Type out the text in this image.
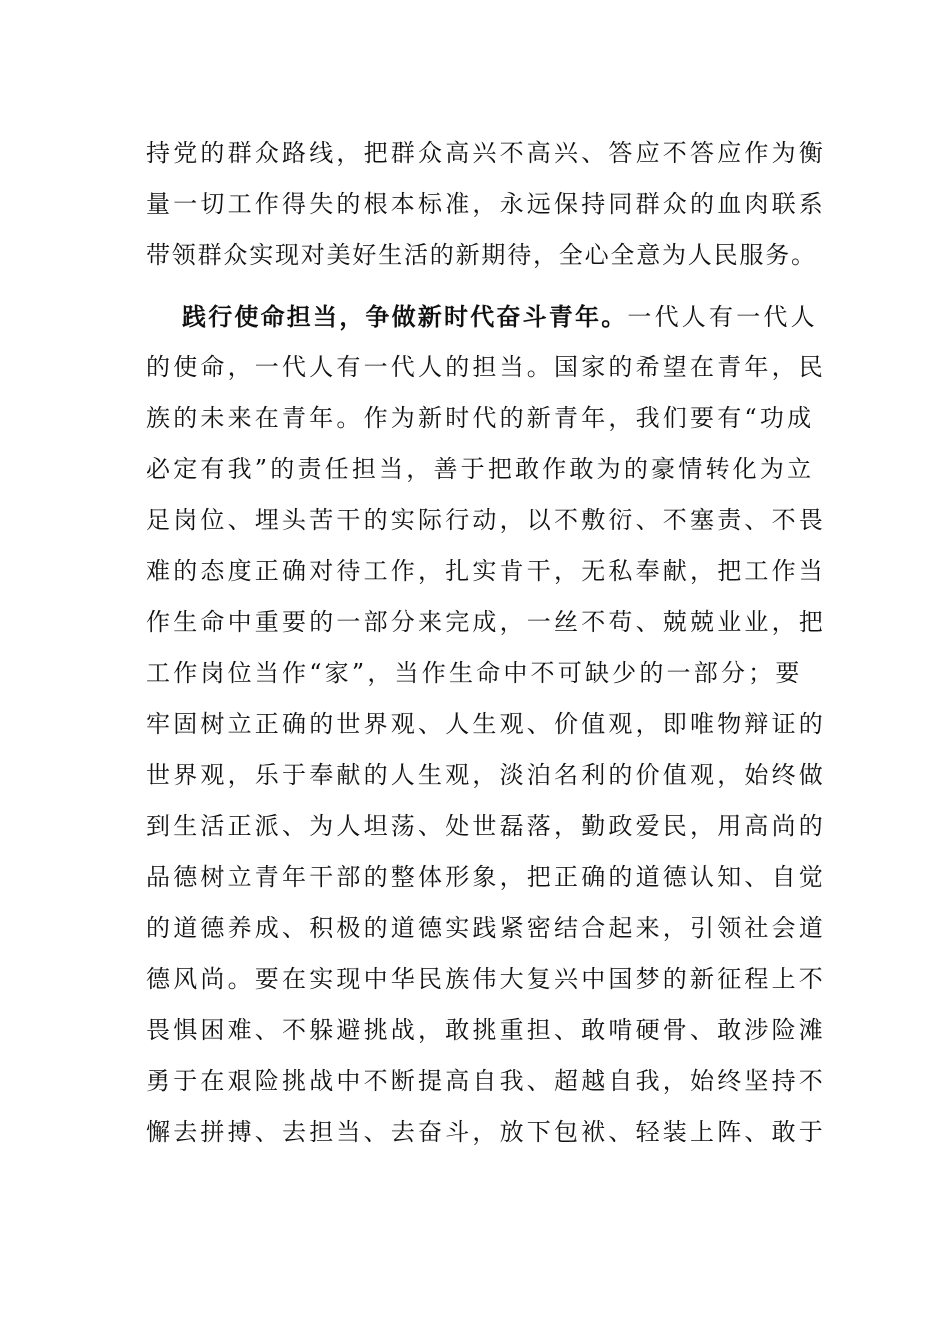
持党的群众路线，把群众高兴不高兴、答应不答应作为衡
量一切工作得失的根本标准，永远保持同群众的血肉联系
带领群众实现对美好生活的新期待，全心全意为人民服务。
践行使命担当，争做新时代奋斗青年。一代人有一代人
的使命，一代人有一代人的担当。国家的希望在青年，民
族的未来在青年。作为新时代的新青年，我们要有“功成
必定有我”的责任担当，善于把敢作敢为的豪情转化为立
足岗位、埋头苦干的实际行动，以不敷衍、不塞责、不畏
难的态度正确对待工作，扎实肯干，无私奉献，把工作当
作生命中重要的一部分来完成，一丝不苟、兢兢业业，把
工作岗位当作“家”，当作生命中不可缺少的一部分；要
牢固树立正确的世界观、人生观、价值观，即唯物辩证的
世界观，乐于奉献的人生观，淡泊名利的价值观，始终做
到生活正派、为人坦荡、处世磊落，勤政爱民，用高尚的
品德树立青年干部的整体形象，把正确的道德认知、自觉
的道德养成、积极的道德实践紧密结合起来，引领社会道
德风尚。要在实现中华民族伟大复兴中国梦的新征程上不
畏惧困难、不躲避挑战，敢挑重担、敢啃硬骨、敢涉险滩
勇于在艰险挑战中不断提高自我、超越自我，始终坚持不
懈去拼搏、去担当、去奋斗，放下包袱、轻装上阵、敢于
